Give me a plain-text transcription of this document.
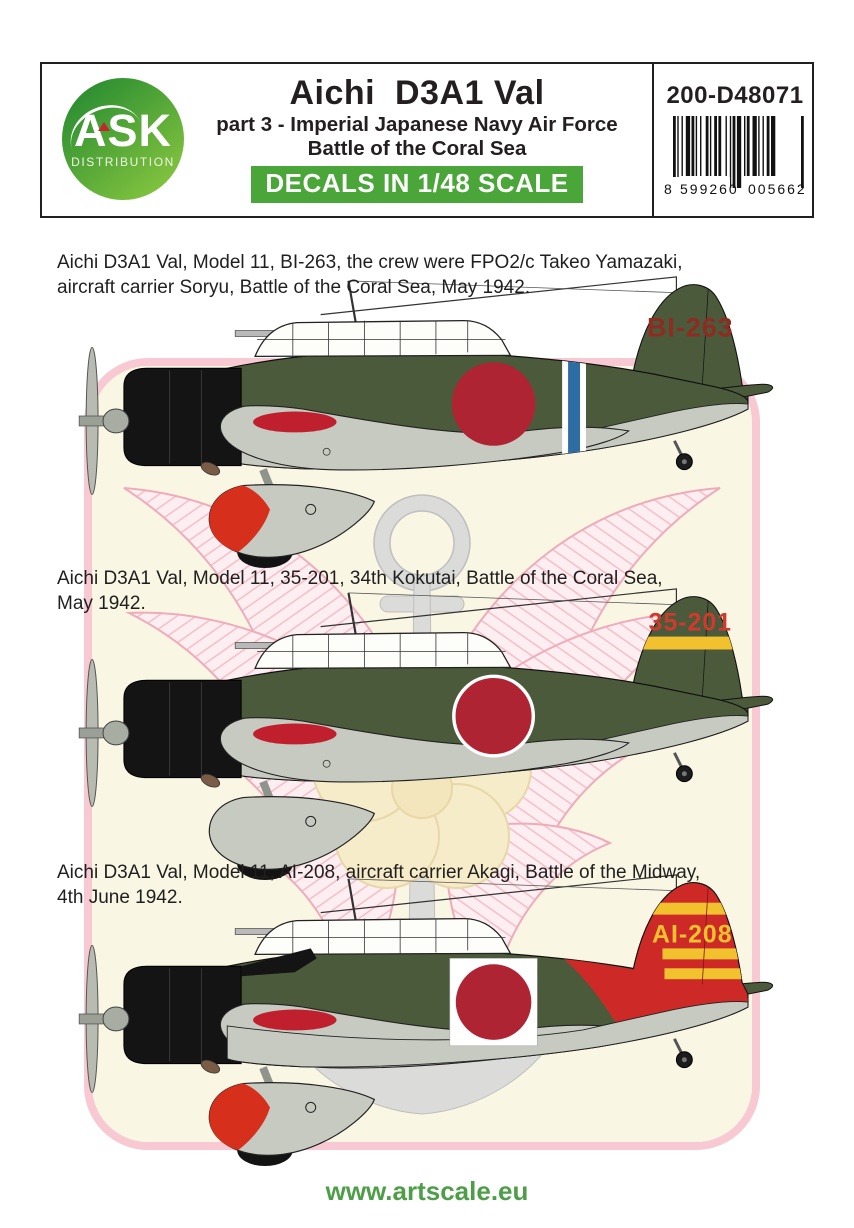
ASK
DISTRIBUTION
Aichi  D3A1 Val
part 3 - Imperial Japanese Navy Air Force
Battle of the Coral Sea
DECALS IN 1/48 SCALE
200-D48071
8 599260 005662
Aichi D3A1 Val, Model 11, BI-263, the crew were FPO2/c Takeo Yamazaki,
aircraft carrier Soryu, Battle of the Coral Sea, May 1942.
Aichi D3A1 Val, Model 11, 35-201, 34th Kokutai, Battle of the Coral Sea,
May 1942.
Aichi D3A1 Val, Model 11, AI-208, aircraft carrier Akagi, Battle of the Midway,
4th June 1942.
BI-263
35-201
AI-208
www.artscale.eu
